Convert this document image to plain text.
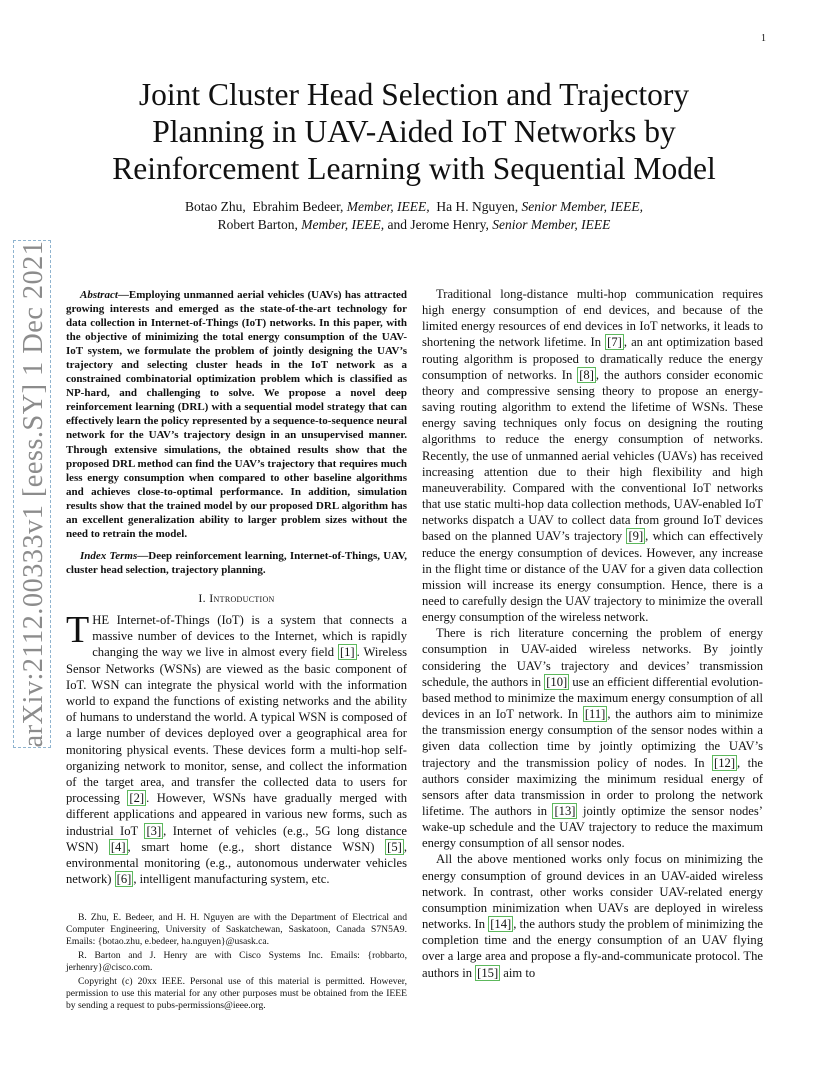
1
arXiv:2112.00333v1 [eess.SY] 1 Dec 2021
Joint Cluster Head Selection and Trajectory
Planning in UAV-Aided IoT Networks by
Reinforcement Learning with Sequential Model
Botao Zhu, Ebrahim Bedeer, Member, IEEE, Ha H. Nguyen, Senior Member, IEEE,
Robert Barton, Member, IEEE, and Jerome Henry, Senior Member, IEEE

Abstract—Employing unmanned aerial vehicles (UAVs) has attracted growing interests and emerged as the state-of-the-art technology for data collection in Internet-of-Things (IoT) networks. In this paper, with the objective of minimizing the total energy consumption of the UAV-IoT system, we formulate the problem of jointly designing the UAV’s trajectory and selecting cluster heads in the IoT network as a constrained combinatorial optimization problem which is classified as NP-hard, and challenging to solve. We propose a novel deep reinforcement learning (DRL) with a sequential model strategy that can effectively learn the policy represented by a sequence-to-sequence neural network for the UAV’s trajectory design in an unsupervised manner. Through extensive simulations, the obtained results show that the proposed DRL method can find the UAV’s trajectory that requires much less energy consumption when compared to other baseline algorithms and achieves close-to-optimal performance. In addition, simulation results show that the trained model by our proposed DRL algorithm has an excellent generalization ability to larger problem sizes without the need to retrain the model.

Index Terms—Deep reinforcement learning, Internet-of-Things, UAV, cluster head selection, trajectory planning.

I. Introduction

THE Internet-of-Things (IoT) is a system that connects a massive number of devices to the Internet, which is rapidly changing the way we live in almost every field [1] . Wireless Sensor Networks (WSNs) are viewed as the basic component of IoT. WSN can integrate the physical world with the information world to expand the functions of existing networks and the ability of humans to understand the world. A typical WSN is composed of a large number of devices deployed over a geographical area for monitoring physical events. These devices form a multi-hop self-organizing network to monitor, sense, and collect the information of the target area, and transfer the collected data to users for processing [2] . However, WSNs have gradually merged with different applications and appeared in various new forms, such as industrial IoT [3] , Internet of vehicles (e.g., 5G long distance WSN) [4] , smart home (e.g., short distance WSN) [5] , environmental monitoring (e.g., autonomous underwater vehicles network) [6] , intelligent manufacturing system, etc.

B. Zhu, E. Bedeer, and H. H. Nguyen are with the Department of Electrical and Computer Engineering, University of Saskatchewan, Saskatoon, Canada S7N5A9. Emails: {botao.zhu, e.bedeer, ha.nguyen}@usask.ca.

R. Barton and J. Henry are with Cisco Systems Inc. Emails: {robbarto, jerhenry}@cisco.com.

Copyright (c) 20xx IEEE. Personal use of this material is permitted. However, permission to use this material for any other purposes must be obtained from the IEEE by sending a request to pubs-permissions@ieee.org.

Traditional long-distance multi-hop communication requires high energy consumption of end devices, and because of the limited energy resources of end devices in IoT networks, it leads to shortening the network lifetime. In [7] , an ant optimization based routing algorithm is proposed to dramatically reduce the energy consumption of networks. In [8] , the authors consider economic theory and compressive sensing theory to propose an energy-saving routing algorithm to extend the lifetime of WSNs. These energy saving techniques only focus on designing the routing algorithms to reduce the energy consumption of networks. Recently, the use of unmanned aerial vehicles (UAVs) has received increasing attention due to their high flexibility and high maneuverability. Compared with the conventional IoT networks that use static multi-hop data collection methods, UAV-enabled IoT networks dispatch a UAV to collect data from ground IoT devices based on the planned UAV’s trajectory [9] , which can effectively reduce the energy consumption of devices. However, any increase in the flight time or distance of the UAV for a given data collection mission will increase its energy consumption. Hence, there is a need to carefully design the UAV trajectory to minimize the overall energy consumption of the wireless network.

There is rich literature concerning the problem of energy consumption in UAV-aided wireless networks. By jointly considering the UAV’s trajectory and devices’ transmission schedule, the authors in [10] use an efficient differential evolution-based method to minimize the maximum energy consumption of all devices in an IoT network. In [11] , the authors aim to minimize the transmission energy consumption of the sensor nodes within a given data collection time by jointly optimizing the UAV’s trajectory and the transmission policy of nodes. In [12] , the authors consider maximizing the minimum residual energy of sensors after data transmission in order to prolong the network lifetime. The authors in [13] jointly optimize the sensor nodes’ wake-up schedule and the UAV trajectory to reduce the maximum energy consumption of all sensor nodes.

All the above mentioned works only focus on minimizing the energy consumption of ground devices in an UAV-aided wireless network. In contrast, other works consider UAV-related energy consumption minimization when UAVs are deployed in wireless networks. In [14] , the authors study the problem of minimizing the completion time and the energy consumption of an UAV flying over a large area and propose a fly-and-communicate protocol. The authors in [15] aim to
